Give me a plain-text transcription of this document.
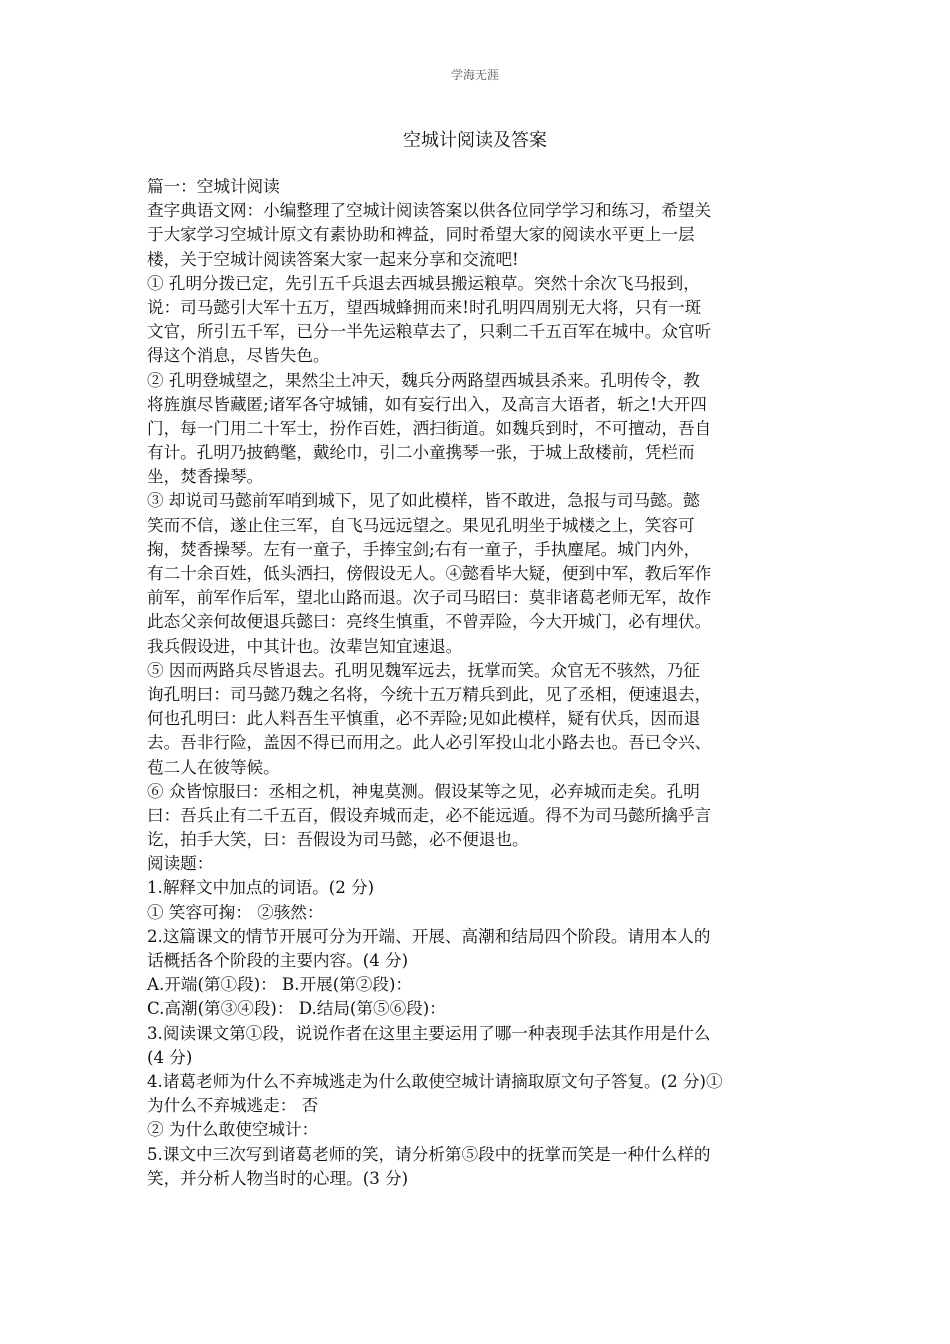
学海无涯
空城计阅读及答案
篇一：空城计阅读
查字典语文网：小编整理了空城计阅读答案以供各位同学学习和练习，希望关
于大家学习空城计原文有素协助和裨益，同时希望大家的阅读水平更上一层
楼，关于空城计阅读答案大家一起来分享和交流吧!
① 孔明分拨已定，先引五千兵退去西城县搬运粮草。突然十余次飞马报到，
说：司马懿引大军十五万，望西城蜂拥而来!时孔明四周别无大将，只有一斑
文官，所引五千军，已分一半先运粮草去了，只剩二千五百军在城中。众官听
得这个消息，尽皆失色。
② 孔明登城望之，果然尘土冲天，魏兵分两路望西城县杀来。孔明传令，教
将旌旗尽皆藏匿;诸军各守城铺，如有妄行出入，及高言大语者，斩之!大开四
门，每一门用二十军士，扮作百姓，洒扫街道。如魏兵到时，不可擅动，吾自
有计。孔明乃披鹤氅，戴纶巾，引二小童携琴一张，于城上敌楼前，凭栏而
坐，焚香操琴。
③ 却说司马懿前军哨到城下，见了如此模样，皆不敢进，急报与司马懿。懿
笑而不信，遂止住三军，自飞马远远望之。果见孔明坐于城楼之上，笑容可
掬，焚香操琴。左有一童子，手捧宝剑;右有一童子，手执麈尾。城门内外，
有二十余百姓，低头洒扫，傍假设无人。④懿看毕大疑，便到中军，教后军作
前军，前军作后军，望北山路而退。次子司马昭曰：莫非诸葛老师无军，故作
此态父亲何故便退兵懿曰：亮终生慎重，不曾弄险，今大开城门，必有埋伏。
我兵假设进，中其计也。汝辈岂知宜速退。
⑤ 因而两路兵尽皆退去。孔明见魏军远去，抚掌而笑。众官无不骇然，乃征
询孔明曰：司马懿乃魏之名将，今统十五万精兵到此，见了丞相，便速退去，
何也孔明曰：此人料吾生平慎重，必不弄险;见如此模样，疑有伏兵，因而退
去。吾非行险，盖因不得已而用之。此人必引军投山北小路去也。吾已令兴、
苞二人在彼等候。
⑥ 众皆惊服曰：丞相之机，神鬼莫测。假设某等之见，必弃城而走矣。孔明
曰：吾兵止有二千五百，假设弃城而走，必不能远遁。得不为司马懿所擒乎言
讫，拍手大笑，曰：吾假设为司马懿，必不便退也。
阅读题：
1.解释文中加点的词语。(2 分)
① 笑容可掬： ②骇然：
2.这篇课文的情节开展可分为开端、开展、高潮和结局四个阶段。请用本人的
话概括各个阶段的主要内容。(4 分)
A.开端(第①段)： B.开展(第②段)：
C.高潮(第③④段)： D.结局(第⑤⑥段)：
3.阅读课文第①段，说说作者在这里主要运用了哪一种表现手法其作用是什么
(4 分)
4.诸葛老师为什么不弃城逃走为什么敢使空城计请摘取原文句子答复。(2 分)①
为什么不弃城逃走： 否
② 为什么敢使空城计：
5.课文中三次写到诸葛老师的笑，请分析第⑤段中的抚掌而笑是一种什么样的
笑，并分析人物当时的心理。(3 分)
